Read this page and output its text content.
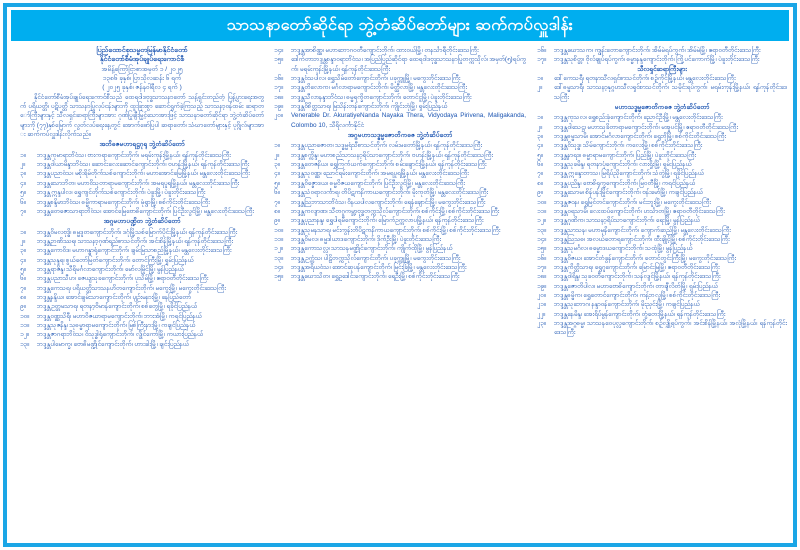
သာသနာတော်ဆိုင်ရာ ဘွဲ့တံဆိပ်တော်များ ဆက်ကပ်လှူဒါန်း
ပြည်ထောင်စုသမ္မတမြန်မာနိုင်ငံတော်
နိုင်ငံတော်စီမံအုပ်ချုပ်ရေးကောင်စီ
အမိန့်ကြော်ငြာစာအမှတ် ၁ / ၂၀၂၅
၁၃၈၆ ခုနှစ်၊ ပြာသိုလဆန်း ၆ ရက်
( ၂၀၂၅ ခုနှစ်၊ ဇန်နဝါရီလ ၄ ရက် )
နိုင်ငံတော်စီမံအုပ်ချုပ်ရေးကောင်စီသည် ထေရဝါဒဗုဒ္ဓသာသနာတော် သန့်ရှင်းတည်တံ့ ပြန့်ပွားရေးအတွက် ပရိယတ္တိ၊ ပဋိပတ္တိ သာသနာပြုလုပ်ငန်းများကို ထူးခြားစွာ ဆောင်ရွက်ခဲ့ကြသည့် သာသနာ့ဝန်ထမ်း ဆရာတော်ကြီးများနှင့် သီလရှင်ဆရာကြီးများအား ဂုဏ်ပြုချီးမြှင့်သောအားဖြင့် သာသနာတော်ဆိုင်ရာ ဘွဲ့တံဆိပ်တော်များကို (၇၇)နှစ်မြောက် လွတ်လပ်ရေးနေ့တွင် အောက်ဖော်ပြပါ ဆရာတော်၊ သံဃာတော်များနှင့် ပုဂ္ဂိုလ်များအား ဆက်ကပ်လှူဒါန်းလိုက်သည်။
အဘိဓဇမဟာရဋ္ဌဂုရု ဘွဲ့တံဆိပ်တော်
၁။ ဘဒ္ဒန္တကုမာရာဘိဝံသ၊ ဗားကရာကျောင်းတိုက်၊ မရမ်းကုန်းမြို့နယ်၊ ရန်ကုန်တိုင်းဒေသကြီး
၂။ ဘဒ္ဒန္တဝါယာမိန္ဒာဘိဝံသ၊ ဆောင်းလေးဆောင်ကျောင်းတိုက်၊ ဗဟန်းမြို့နယ်၊ ရန်ကုန်တိုင်းဒေသကြီး
၃။ ဘဒ္ဒန္တပညာဝံသ၊ မစိုးရိမ်တိုက်သစ်ကျောင်းတိုက်၊ မဟာအောင်မြေမြို့နယ်၊ မန္တလေးတိုင်းဒေသကြီး
၄။ ဘဒ္ဒန္တသောဘိတ၊ မဟာဝိသုတာရာမကျောင်းတိုက်၊ အမရပူရမြို့နယ်၊ မန္တလေးတိုင်းဒေသကြီး
၅။ ဘဒ္ဒန္တဣန္ဒပါလ၊ ရွှေကျင်တိုက်သစ်ကျောင်းတိုက်၊ ပဲခူးမြို့၊ ပဲခူးတိုင်းဒေသကြီး
၆။ ဘဒ္ဒန္တစန္ဒိမာဘိဝံသ၊ ဓမ္မိကာရာမကျောင်းတိုက်၊ မုံရွာမြို့၊ စစ်ကိုင်းတိုင်းဒေသကြီး
၇။ ဘဒ္ဒန္တတေဇောသာရာဘိဝံသ၊ အောင်မြေဗောဓိကျောင်းတိုက်၊ ပြင်ဦးလွင်မြို့၊ မန္တလေးတိုင်းဒေသကြီး
အဂ္ဂမဟာပဏ္ဍိတ ဘွဲ့တံဆိပ်တော်
၁။ ဘဒ္ဒန္တဝိမလဗုဒ္ဓိ၊ ဓမ္မဒူတကျောင်းတိုက်၊ ဒဂုံမြို့သစ်မြောက်ပိုင်းမြို့နယ်၊ ရန်ကုန်တိုင်းဒေသကြီး
၂။ ဘဒ္ဒန္တဉာဏိဿရ၊ သာသနာ့ဂုဏ်ရည်စာသင်တိုက်၊ အင်းစိန်မြို့နယ်၊ ရန်ကုန်တိုင်းဒေသကြီး
၃။ ဘဒ္ဒန္တကောဝိဒ၊ မဟာဂန္ဓာရုံကျောင်းတိုက်၊ ချမ်းမြသာစည်မြို့နယ်၊ မန္တလေးတိုင်းဒေသကြီး
၄။ ဘဒ္ဒန္တသုန္ဒရ၊ စွယ်တော်မြတ်ကျောင်းတိုက်၊ တောင်ကြီးမြို့၊ ရှမ်းပြည်နယ်
၅။ ဘဒ္ဒန္တရာဇိန္ဒ၊ သီရိမင်္ဂလာကျောင်းတိုက်၊ မော်လမြိုင်မြို့၊ မွန်ပြည်နယ်
၆။ ဘဒ္ဒန္တပညာသီဟ၊ ဇေယျသုခကျောင်းတိုက်၊ ပုသိမ်မြို့၊ ဧရာဝတီတိုင်းဒေသကြီး
၇။ ဘဒ္ဒန္တကေသရ၊ ပရိယတ္တိသာသနဟိတကျောင်းတိုက်၊ မကွေးမြို့၊ မကွေးတိုင်းဒေသကြီး
၈။ ဘဒ္ဒန္တနန္ဒိယ၊ အောင်ချမ်းသာကျောင်းတိုက်၊ ပျဉ်းမနားမြို့၊ နေပြည်တော်
၉။ ဘဒ္ဒန္တဥတ္တမသာရ၊ ရတနာ့ဗိမာန်ကျောင်းတိုက်၊ စစ်တွေမြို့၊ ရခိုင်ပြည်နယ်
၁၀။ ဘဒ္ဒန္တဝဏ္ဏသိရီ၊ မဟာဝိဇယာရာမကျောင်းတိုက်၊ ဘားအံမြို့၊ ကရင်ပြည်နယ်
၁၁။ ဘဒ္ဒန္တသုဇနိန္ဒ၊ သုဓမ္မာရာမကျောင်းတိုက်၊ မြစ်ကြီးနားမြို့၊ ကချင်ပြည်နယ်
၁၂။ ဘဒ္ဒန္တဇာဂရာဘိဝံသ၊ ဝိသုဒ္ဓါရုံကျောင်းတိုက်၊ လွိုင်ကော်မြို့၊ ကယားပြည်နယ်
၁၃။ ဘဒ္ဒန္တပါမောက္ခ၊ ဗောဓိမဏ္ဍိုင်ကျောင်းတိုက်၊ ဟားခါးမြို့၊ ချင်းပြည်နယ်
၁၄။ ဘဒ္ဒန္တအာစိဏ္ဏ၊ မဟာဘောဂဝတီကျောင်းတိုက်၊ ထားဝယ်မြို့၊ တနင်္သာရီတိုင်းဒေသကြီး
၁၅။ ဒေါက်တာဘဒ္ဒန္တစန္ဒာဝရာဘိဝံသ၊ အပြည်ပြည်ဆိုင်ရာ ထေရဝါဒဗုဒ္ဓသာသနာပြုတက္ကသိုလ်၊ အမှတ်(၅)ရပ်ကွက်၊ မရမ်းကုန်းမြို့နယ်၊ ရန်ကုန်တိုင်းဒေသကြီး
၁၆။ ဘဒ္ဒန္တဝံသပါလ၊ ရွှေသိမ်တော်ကျောင်းတိုက်၊ ပခုက္ကူမြို့၊ မကွေးတိုင်းဒေသကြီး
၁၇။ ဘဒ္ဒန္တတိလောက၊ မင်္ဂလာရာမကျောင်းတိုက်၊ မိတ္ထီလာမြို့၊ မန္တလေးတိုင်းဒေသကြီး
၁၈။ ဘဒ္ဒန္တသီလာနန္ဒာဘိဝံသ၊ ဓမ္မရက္ခိတကျောင်းတိုက်၊ တောင်ငူမြို့၊ ပဲခူးတိုင်းဒေသကြီး
၁၉။ ဘဒ္ဒန္တဝိစိတ္တသာရ၊ မြသိန်းတန်ကျောင်းတိုက်၊ ကျိုင်းတုံမြို့၊ ရှမ်းပြည်နယ်
၂၀။ Venerable Dr. AkuratiyeNanda Nayaka Thera, Vidyodaya Pirivena, Maligakanda, Colombo 10, သီရိလင်္ကာနိုင်ငံ
အဂ္ဂမဟာသဒ္ဓမ္မဇောတိကဓဇ ဘွဲ့တံဆိပ်တော်
၁။ ဘဒ္ဒန္တပညာဇောတ၊ သဒ္ဓမ္မရံသီစာသင်တိုက်၊ လမ်းမတော်မြို့နယ်၊ ရန်ကုန်တိုင်းဒေသကြီး
၂။ ဘဒ္ဒန္တစက္ကိန္ဒ၊ မဟာစည်သာသနာ့ရိပ်သာကျောင်းတိုက်၊ ဗဟန်းမြို့နယ်၊ ရန်ကုန်တိုင်းဒေသကြီး
၃။ ဘဒ္ဒန္တတေဇနိယ၊ ရွှေကြက်ယက်ကျောင်းတိုက်၊ စမ်းချောင်းမြို့နယ်၊ ရန်ကုန်တိုင်းဒေသကြီး
၄။ ဘဒ္ဒန္တသုဝဏ္ဏ၊ ညောင်ရမ်းကျောင်းတိုက်၊ အမရပူရမြို့နယ်၊ မန္တလေးတိုင်းဒေသကြီး
၅။ ဘဒ္ဒန္တဝိဇ္ဇောဒယ၊ ဓမ္မဝိဇယကျောင်းတိုက်၊ ပြင်ဦးလွင်မြို့၊ မန္တလေးတိုင်းဒေသကြီး
၆။ ဘဒ္ဒန္တသံဝရာလင်္ကာရ၊ တိပိဋကနိကာယကျောင်းတိုက်၊ မိုးကုတ်မြို့၊ မန္တလေးတိုင်းဒေသကြီး
၇။ ဘဒ္ဒန္တဩဘာသာဘိဝံသ၊ ဝိနယပါလကျောင်းတိုက်၊ ရေနံချောင်းမြို့၊ မကွေးတိုင်းဒေသကြီး
၈။ ဘဒ္ဒန္တကလျာဏ၊ သီတဂူကမ္ဘာ့ဗုဒ္ဓတက္ကသိုလ်ကျောင်းတိုက်၊ စစ်ကိုင်းမြို့၊ စစ်ကိုင်းတိုင်းဒေသကြီး
၉။ ဘဒ္ဒန္တပုညာနန္ဒ၊ ရွှေပါရမီကျောင်းတိုက်၊ မြောက်ဥက္ကလာပမြို့နယ်၊ ရန်ကုန်တိုင်းဒေသကြီး
၁၀။ ဘဒ္ဒန္တသုမနသာရ၊ မင်းကွန်းတိပိဋကနိကာယကျောင်းတိုက်၊ စစ်ကိုင်းမြို့၊ စစ်ကိုင်းတိုင်းဒေသကြီး
၁၁။ ဘဒ္ဒန္တဝိမလ၊ ဓမ္မဒါယာဒကျောင်းတိုက်၊ ဒိုက်ဦးမြို့၊ ပဲခူးတိုင်းဒေသကြီး
၁၂။ ဘဒ္ဒန္တကောသလ္လ၊ သာသနမဏ္ဍိုင်ကျောင်းတိုက်၊ ကျိုက်ထိုမြို့၊ မွန်ပြည်နယ်
၁၃။ ဘဒ္ဒန္တဥက္ကံသ၊ ပါဠိတက္ကသိုလ်ကျောင်းတိုက်၊ ပခုက္ကူမြို့၊ မကွေးတိုင်းဒေသကြီး
၁၄။ ဘဒ္ဒန္တအရိယဝံသ၊ အောင်ဆုပန်ကျောင်းတိုက်၊ မြင်းခြံမြို့၊ မန္တလေးတိုင်းဒေသကြီး
၁၅။ ဘဒ္ဒန္တဃောသိတ၊ ရွှေဥဒေါင်းကျောင်းတိုက်၊ ရေဦးမြို့၊ စစ်ကိုင်းတိုင်းဒေသကြီး
၁၆။ ဘဒ္ဒန္တဃောသက၊ ကျွန်းတောကျောင်းတိုက်၊ အိမ်မဲရပ်ကွက်၊ အိမ်မဲမြို့၊ ဧရာဝတီတိုင်းဒေသကြီး
၁၇။ ဘဒ္ဒန္တသုစိတ္တ၊ ဗိုလ်ချုပ်ရပ်ကွက်၊ ဓမ္မာနန္ဒကျောင်းတိုက်၊ ကြို့ပင်ကောက်မြို့၊ ပဲခူးတိုင်းဒေသကြီး
သီလရှင်ဆရာကြီးများ
၁။ ဒေါ်ကေသရီ၊ ရတနာသီလရှင်စာသင်တိုက်၊ စဉ့်ကိုင်မြို့နယ်၊ မန္တလေးတိုင်းဒေသကြီး
၂။ ဒေါ်ဓမ္မသာရီ၊ သာသနာ့နုဂ္ဂဟသီလရှင်စာသင်တိုက်၊ သမိုင်းရပ်ကွက်၊ မရမ်းကုန်းမြို့နယ်၊ ရန်ကုန်တိုင်းဒေသကြီး
မဟာသဒ္ဓမ္မဇောတိကဓဇ ဘွဲ့တံဆိပ်တော်
၁။ ဘဒ္ဒန္တကုသလ၊ ရွှေစည်းခုံကျောင်းတိုက်၊ ညောင်ဦးမြို့၊ မန္တလေးတိုင်းဒေသကြီး
၂။ ဘဒ္ဒန္တဝါသေဋ္ဌ၊ မဟာသုခိတာရာမကျောင်းတိုက်၊ မအူပင်မြို့၊ ဧရာဝတီတိုင်းဒေသကြီး
၃။ ဘဒ္ဒန္တဓမ္မသာမိ၊ အောင်မင်္ဂလာကျောင်းတိုက်၊ ရွှေဘိုမြို့၊ စစ်ကိုင်းတိုင်းဒေသကြီး
၄။ ဘဒ္ဒန္တဝိသုဒ္ဓ၊ သိမ်ကျောင်းတိုက်၊ ကလေးမြို့၊ စစ်ကိုင်းတိုင်းဒေသကြီး
၅။ ဘဒ္ဒန္တနာရဒ၊ ဓမ္မာရာမကျောင်းတိုက်၊ ပြည်မြို့၊ ပဲခူးတိုင်းဒေသကြီး
၆။ ဘဒ္ဒန္တသုခမိန္ဒ၊ ရတနာပုံကျောင်းတိုက်၊ လားရှိုးမြို့၊ ရှမ်းပြည်နယ်
၇။ ဘဒ္ဒန္တဣန္ဒောဘာသ၊ မြရိပ်ညိုကျောင်းတိုက်၊ သံတွဲမြို့၊ ရခိုင်ပြည်နယ်
၈။ ဘဒ္ဒန္တပညိန္ဒ၊ ဗောဓိရုက္ခကျောင်းတိုက်၊ မြဝတီမြို့၊ ကရင်ပြည်နယ်
၉။ ဘဒ္ဒန္တသောမ၊ စိန်ပန်းမြိုင်ကျောင်းတိုက်၊ ဗန်းမော်မြို့၊ ကချင်ပြည်နယ်
၁၀။ ဘဒ္ဒန္တဇဝန၊ ရွှေမြင်တင်ကျောင်းတိုက်၊ မင်းဘူးမြို့၊ မကွေးတိုင်းဒေသကြီး
၁၁။ ဘဒ္ဒန္တဝရသာမိ၊ လေးထပ်ကျောင်းတိုက်၊ ဟင်္သာတမြို့၊ ဧရာဝတီတိုင်းဒေသကြီး
၁၂။ ဘဒ္ဒန္တဂုဏိက၊ သာသနာ့ရိပ်သာကျောင်းတိုက်၊ ရေးမြို့၊ မွန်ပြည်နယ်
၁၃။ ဘဒ္ဒန္တသာသန၊ မဟာမုနိကျောင်းတိုက်၊ ကျောက်ဆည်မြို့၊ မန္တလေးတိုင်းဒေသကြီး
၁၄။ ဘဒ္ဒန္တဩသဓ၊ အလယ်တောရကျောင်းတိုက်၊ ထီးချိုင့်မြို့၊ စစ်ကိုင်းတိုင်းဒေသကြီး
၁၅။ ဘဒ္ဒန္တသုမင်္ဂလ၊ ဓမ္မောဒယကျောင်းတိုက်၊ သထုံမြို့၊ မွန်ပြည်နယ်
၁၆။ ဘဒ္ဒန္တဝိဇယ၊ အောင်တံခွန်ကျောင်းတိုက်၊ တောင်တွင်းကြီးမြို့၊ မကွေးတိုင်းဒေသကြီး
၁၇။ ဘဒ္ဒန္တကိတ္တိသာရ၊ ရွှေဂူကျောင်းတိုက်၊ မြောင်းမြမြို့၊ ဧရာဝတီတိုင်းဒေသကြီး
၁၈။ ဘဒ္ဒန္တဝါရိန္ဒ၊ သုခဝတီကျောင်းတိုက်၊ သန်လျင်မြို့နယ်၊ ရန်ကုန်တိုင်းဒေသကြီး
၁၉။ ဘဒ္ဒန္တဇောတိပါလ၊ မဟာဗောဓိကျောင်းတိုက်၊ တာချီလိတ်မြို့၊ ရှမ်းပြည်နယ်
၂၀။ ဘဒ္ဒန္တဓမ္မိက၊ ရွှေတောင်ကျောင်းတိုက်၊ ကန့်ဘလူမြို့၊ စစ်ကိုင်းတိုင်းဒေသကြီး
၂၁။ ဘဒ္ဒန္တသုဘောဂ၊ နန္ဒာဝန်ကျောင်းတိုက်၊ မိုးညှင်းမြို့၊ ကချင်ပြည်နယ်
၂၂။ ဘဒ္ဒန္တနေမိန္ဒ၊ အေးရိပ်မွန်ကျောင်းတိုက်၊ တွံတေးမြို့နယ်၊ ရန်ကုန်တိုင်းဒေသကြီး
၂၃။ ဘဒ္ဒန္တအဂ္ဂဓမ္မ၊ သာသနဝေပုလ္လကျောင်းတိုက်၊ စဉ့်လျှို့ရပ်ကွက်၊ အင်းစိန်မြို့နယ်၊ အလုံမြို့နယ်၊ ရန်ကုန်တိုင်းဒေသကြီး
